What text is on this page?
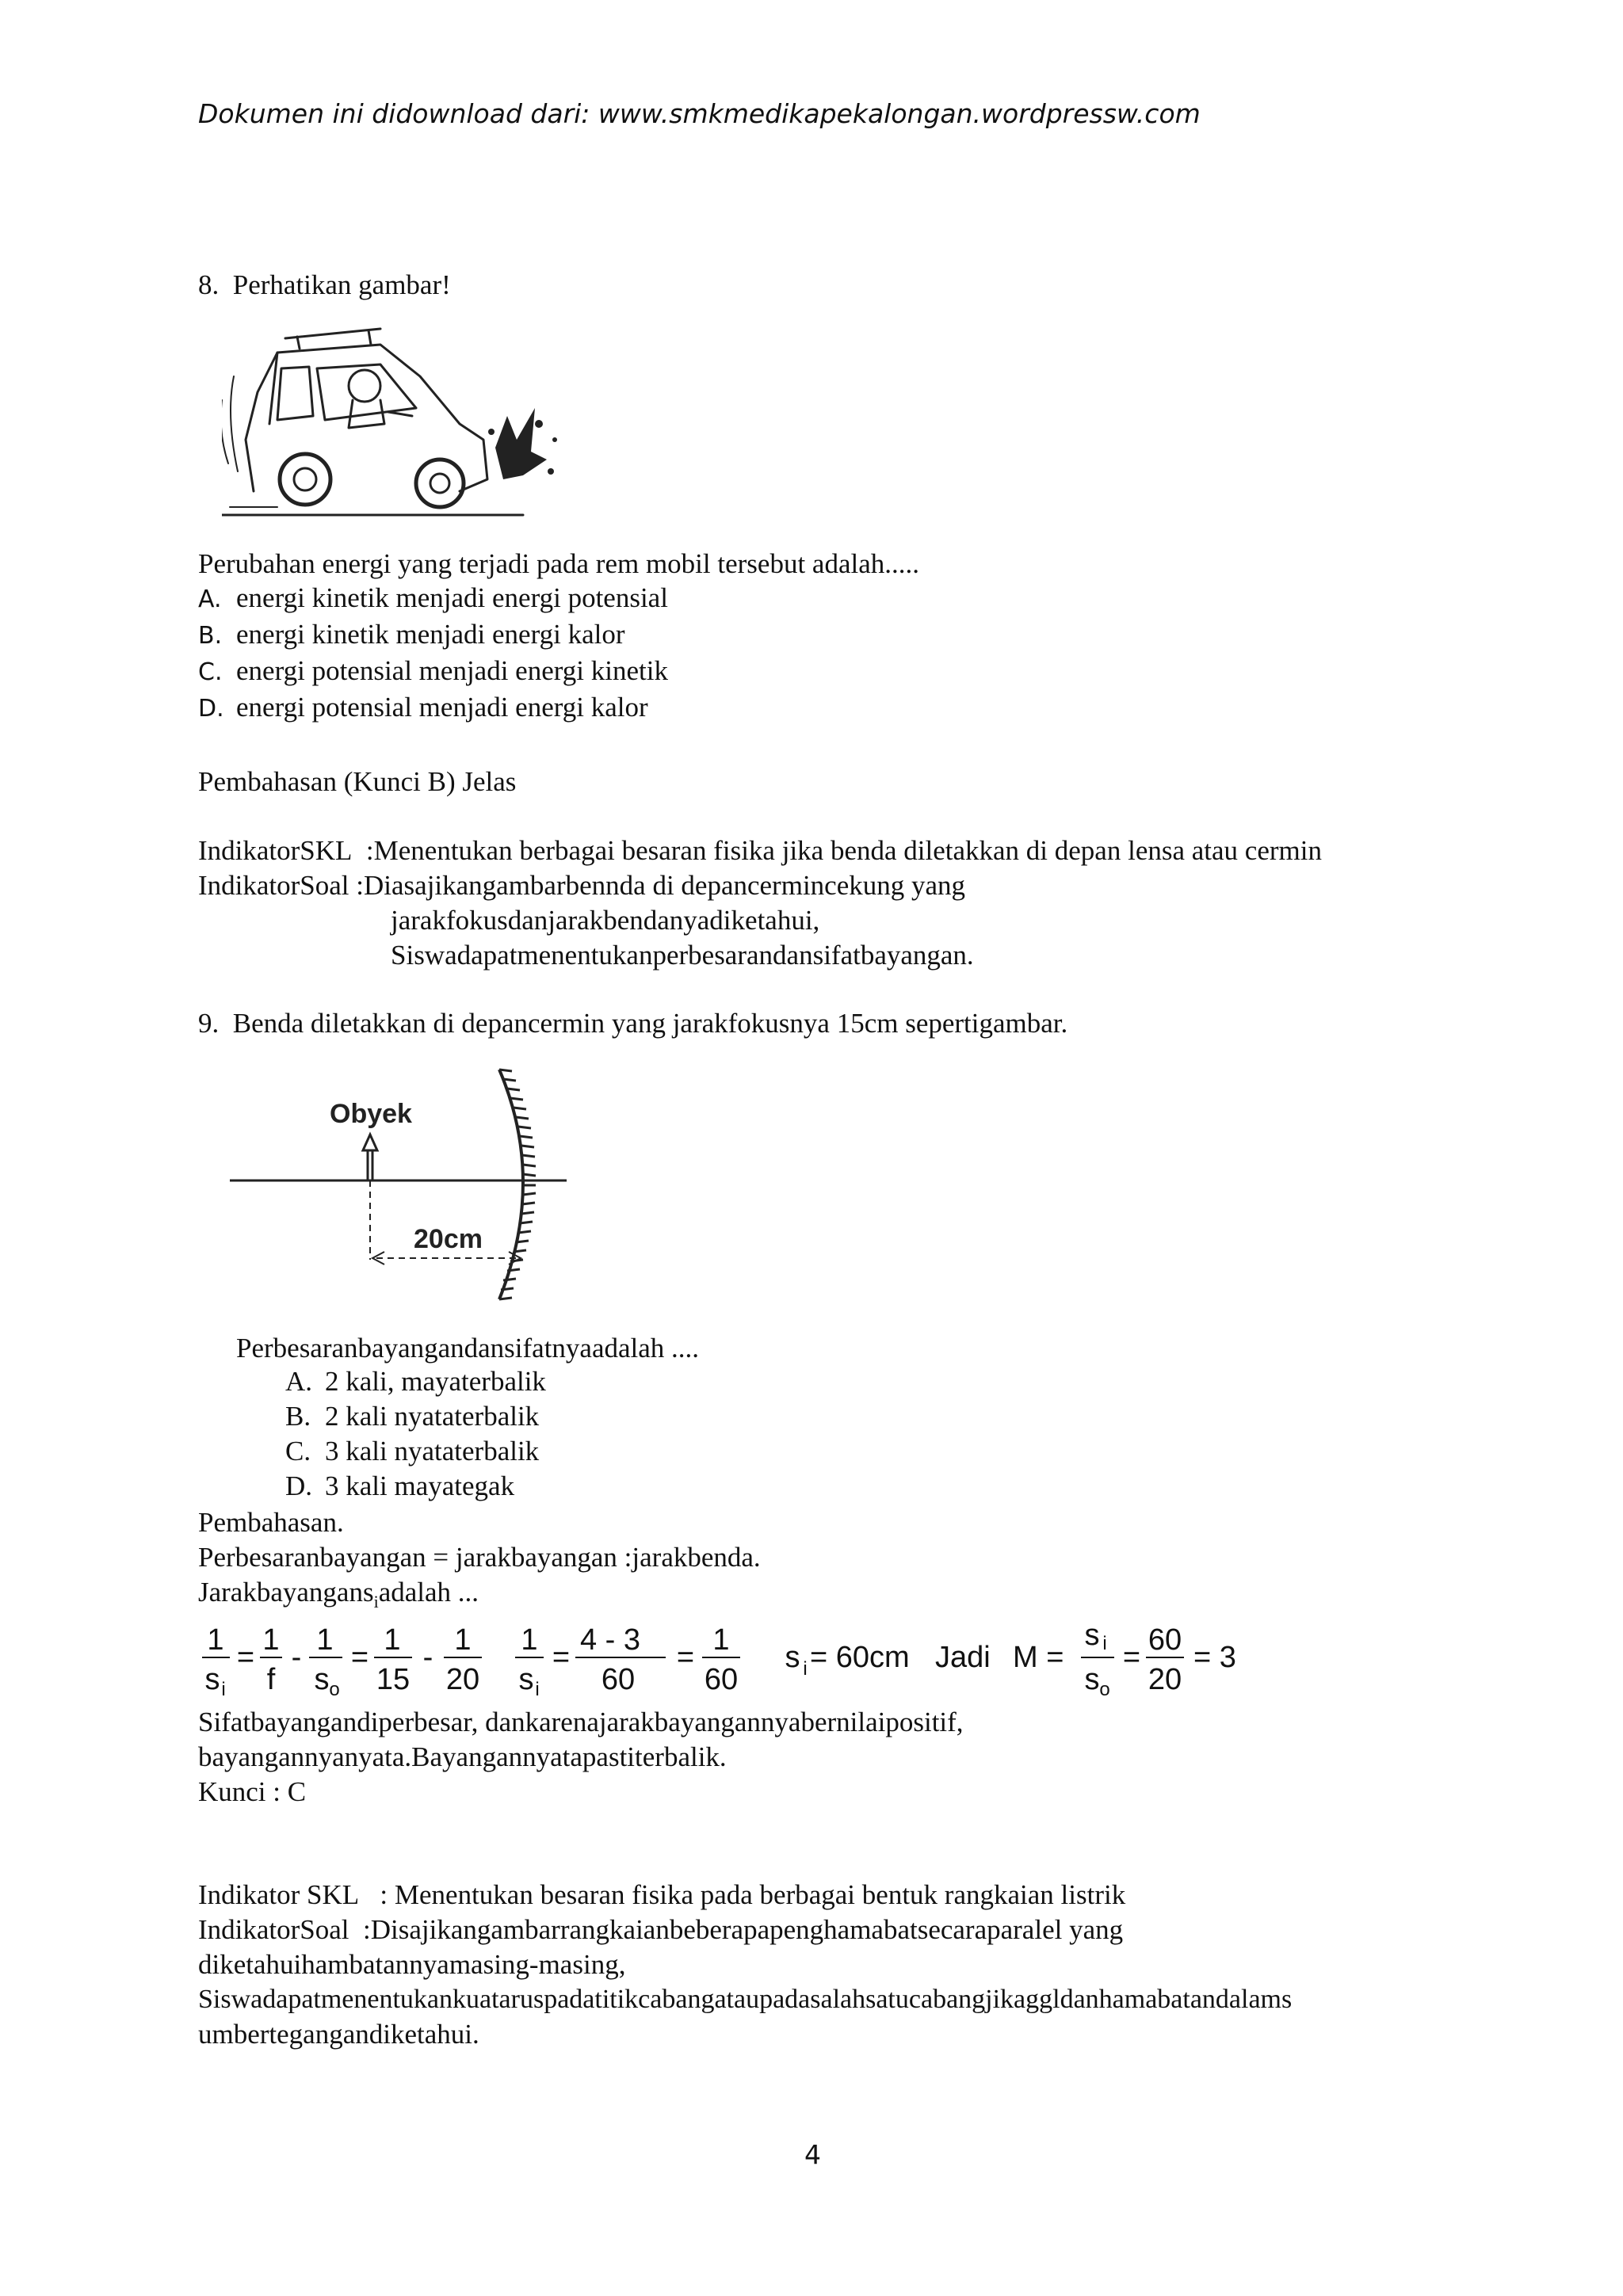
Dokumen ini didownload dari: www.smkmedikapekalongan.wordpressw.com
8. Perhatikan gambar!
Perubahan energi yang terjadi pada rem mobil tersebut adalah.....
A. energi kinetik menjadi energi potensial
B. energi kinetik menjadi energi kalor
C. energi potensial menjadi energi kinetik
D. energi potensial menjadi energi kalor
Pembahasan (Kunci B) Jelas
IndikatorSKL :Menentukan berbagai besaran fisika jika benda diletakkan di depan lensa atau cermin
IndikatorSoal :Diasajikangambarbennda di depancermincekung yang
jarakfokusdanjarakbendanyadiketahui,
Siswadapatmenentukanperbesarandansifatbayangan.
9. Benda diletakkan di depancermin yang jarakfokusnya 15cm sepertigambar.
Obyek
20cm
Perbesaranbayangandansifatnyaadalah ....
A. 2 kali, mayaterbalik
B. 2 kali nyataterbalik
C. 3 kali nyataterbalik
D. 3 kali mayategak
Pembahasan.
Perbesaranbayangan = jarakbayangan :jarakbenda.
Jarakbayangans$_i$adalah ...
1
s i
=
1
f
-
1
s o
=
1
15
-
1
20
1
s i
=
4 - 3
60
=
1
60
s i = 60cm Jadi M =
s i
s o
=
60
20
= 3
Sifatbayangandiperbesar, dankarenajarakbayangannyabernilaipositif,
bayangannyanyata.Bayangannyatapastiterbalik.
Kunci : C
Indikator SKL : Menentukan besaran fisika pada berbagai bentuk rangkaian listrik
IndikatorSoal :Disajikangambarrangkaianbeberapapenghamabatsecaraparalel yang
diketahuihambatannyamasing-masing,
Siswadapatmenentukankuataruspadatitikcabangataupadasalahsatucabangjikaggldanhamabatandalams
umbertegangandiketahui.
4
